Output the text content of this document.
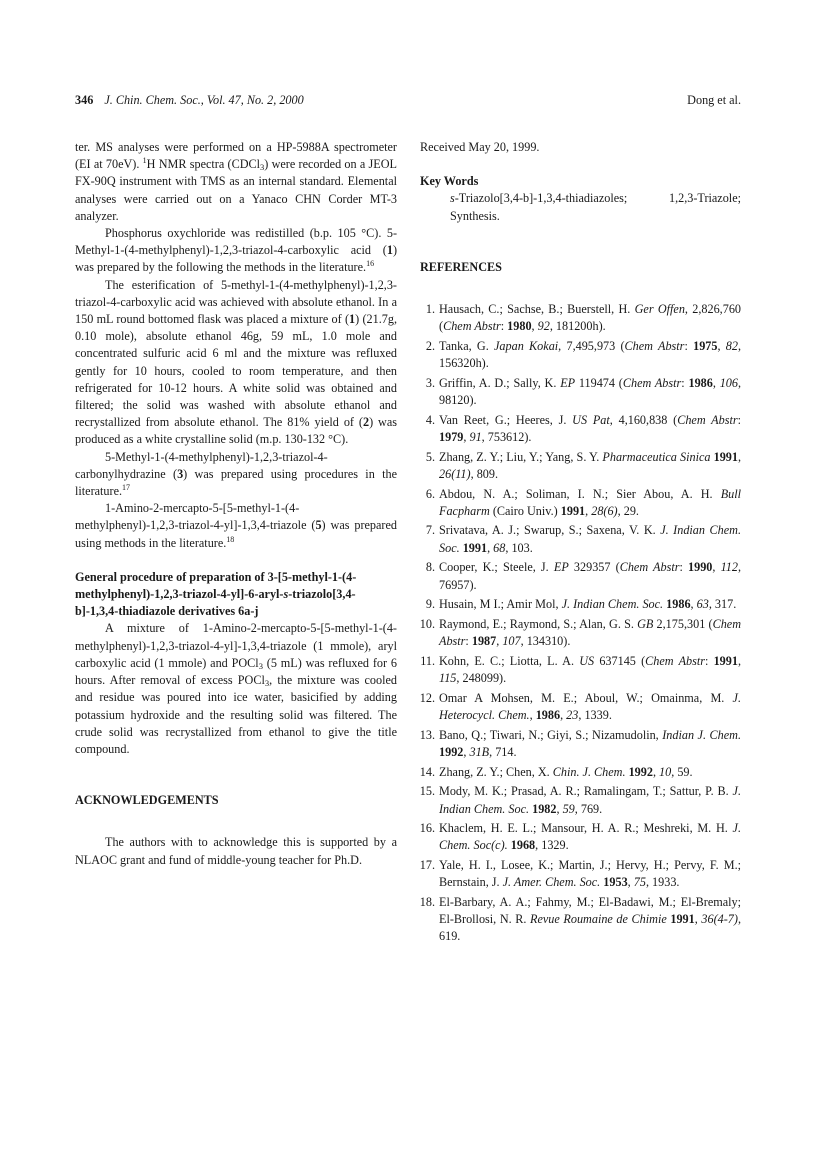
346 J. Chin. Chem. Soc., Vol. 47, No. 2, 2000	Dong et al.

ter. MS analyses were performed on a HP-5988A spectrometer (EI at 70eV). $^1$H NMR spectra (CDCl$_3$) were recorded on a JEOL FX-90Q instrument with TMS as an internal standard. Elemental analyses were carried out on a Yanaco CHN Corder MT-3 analyzer.

Phosphorus oxychloride was redistilled (b.p. 105 °C). 5-Methyl-1-(4-methylphenyl)-1,2,3-triazol-4-carboxylic acid (1) was prepared by the following the methods in the literature.$^{16}$

The esterification of 5-methyl-1-(4-methylphenyl)-1,2,3-triazol-4-carboxylic acid was achieved with absolute ethanol. In a 150 mL round bottomed flask was placed a mixture of (1) (21.7g, 0.10 mole), absolute ethanol 46g, 59 mL, 1.0 mole and concentrated sulfuric acid 6 ml and the mixture was refluxed gently for 10 hours, cooled to room temperature, and then refrigerated for 10-12 hours. A white solid was obtained and filtered; the solid was washed with absolute ethanol and recrystallized from absolute ethanol. The 81% yield of (2) was produced as a white crystalline solid (m.p. 130-132 °C).

5-Methyl-1-(4-methylphenyl)-1,2,3-triazol-4-carbonylhydrazine (3) was prepared using procedures in the literature.$^{17}$

1-Amino-2-mercapto-5-[5-methyl-1-(4-methylphenyl)-1,2,3-triazol-4-yl]-1,3,4-triazole (5) was prepared using methods in the literature.$^{18}$

General procedure of preparation of 3-[5-methyl-1-(4-methylphenyl)-1,2,3-triazol-4-yl]-6-aryl-s-triazolo[3,4-b]-1,3,4-thiadiazole derivatives 6a-j

A mixture of 1-Amino-2-mercapto-5-[5-methyl-1-(4-methylphenyl)-1,2,3-triazol-4-yl]-1,3,4-triazole (1 mmole), aryl carboxylic acid (1 mmole) and POCl$_3$ (5 mL) was refluxed for 6 hours. After removal of excess POCl$_3$, the mixture was cooled and residue was poured into ice water, basicified by adding potassium hydroxide and the resulting solid was filtered. The crude solid was recrystallized from ethanol to give the title compound.

ACKNOWLEDGEMENTS

The authors with to acknowledge this is supported by a NLAOC grant and fund of middle-young teacher for Ph.D.

Received May 20, 1999.

Key Words

s-Triazolo[3,4-b]-1,3,4-thiadiazoles; 1,2,3-Triazole; Synthesis.

REFERENCES
1. Hausach, C.; Sachse, B.; Buerstell, H. Ger Offen, 2,826,760 (Chem Abstr: 1980, 92, 181200h).
2. Tanka, G. Japan Kokai, 7,495,973 (Chem Abstr: 1975, 82, 156320h).
3. Griffin, A. D.; Sally, K. EP 119474 (Chem Abstr: 1986, 106, 98120).
4. Van Reet, G.; Heeres, J. US Pat, 4,160,838 (Chem Abstr: 1979, 91, 753612).
5. Zhang, Z. Y.; Liu, Y.; Yang, S. Y. Pharmaceutica Sinica 1991, 26(11), 809.
6. Abdou, N. A.; Soliman, I. N.; Sier Abou, A. H. Bull Facpharm (Cairo Univ.) 1991, 28(6), 29.
7. Srivatava, A. J.; Swarup, S.; Saxena, V. K. J. Indian Chem. Soc. 1991, 68, 103.
8. Cooper, K.; Steele, J. EP 329357 (Chem Abstr: 1990, 112, 76957).
9. Husain, M I.; Amir Mol, J. Indian Chem. Soc. 1986, 63, 317.
10. Raymond, E.; Raymond, S.; Alan, G. S. GB 2,175,301 (Chem Abstr: 1987, 107, 134310).
11. Kohn, E. C.; Liotta, L. A. US 637145 (Chem Abstr: 1991, 115, 248099).
12. Omar A Mohsen, M. E.; Aboul, W.; Omainma, M. J. Heterocycl. Chem., 1986, 23, 1339.
13. Bano, Q.; Tiwari, N.; Giyi, S.; Nizamudolin, Indian J. Chem. 1992, 31B, 714.
14. Zhang, Z. Y.; Chen, X. Chin. J. Chem. 1992, 10, 59.
15. Mody, M. K.; Prasad, A. R.; Ramalingam, T.; Sattur, P. B. J. Indian Chem. Soc. 1982, 59, 769.
16. Khaclem, H. E. L.; Mansour, H. A. R.; Meshreki, M. H. J. Chem. Soc(c). 1968, 1329.
17. Yale, H. I., Losee, K.; Martin, J.; Hervy, H.; Pervy, F. M.; Bernstain, J. J. Amer. Chem. Soc. 1953, 75, 1933.
18. El-Barbary, A. A.; Fahmy, M.; El-Badawi, M.; El-Bremaly; El-Brollosi, N. R. Revue Roumaine de Chimie 1991, 36(4-7), 619.
